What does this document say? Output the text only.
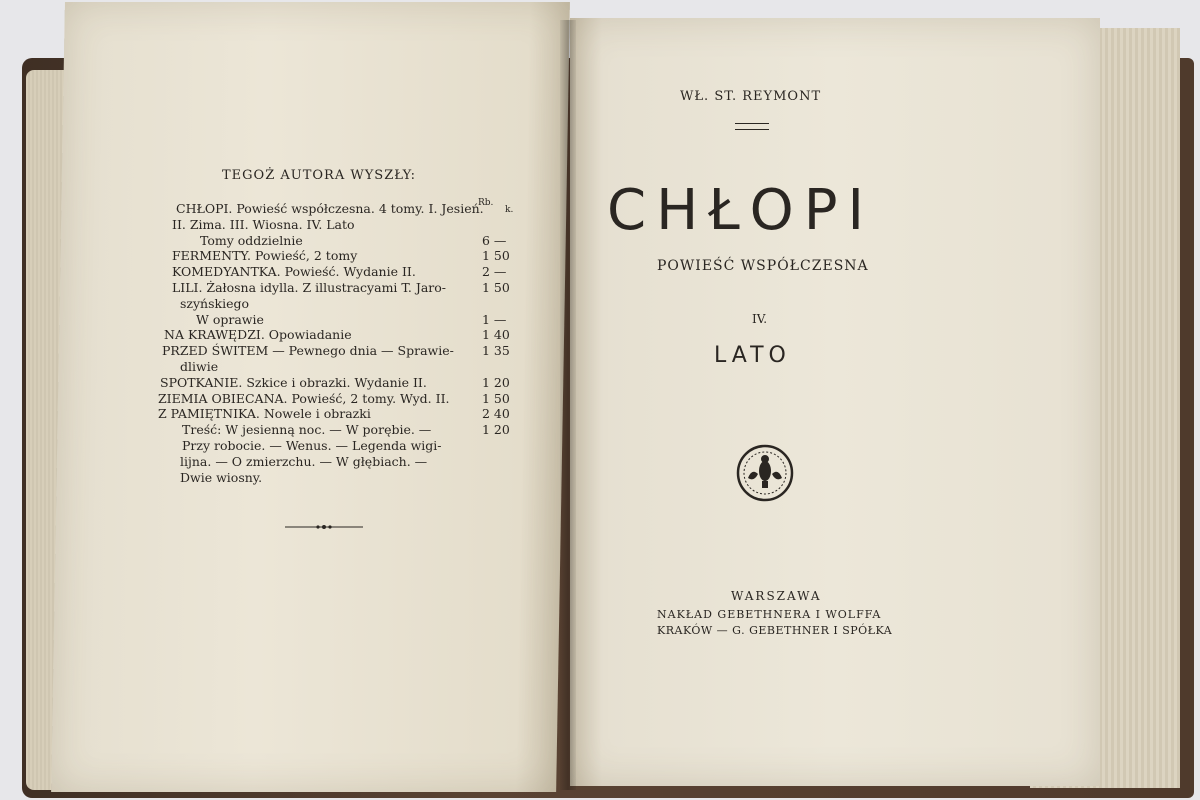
TEGOŻ AUTORA WYSZŁY:
Rb.
k.
CHŁOPI. Powieść współczesna. 4 tomy. I. Jesień.
II. Zima. III. Wiosna. IV. Lato
Tomy oddzielnie	6 —
FERMENTY. Powieść, 2 tomy	1 50
KOMEDYANTKA. Powieść. Wydanie II.	2 —
LILI. Żałosna idylla. Z illustracyami T. Jaro-	1 50
szyńskiego
W oprawie	1 —
NA KRAWĘDZI. Opowiadanie	1 40
PRZED ŚWITEM — Pewnego dnia — Sprawie- 1 35
dliwie
SPOTKANIE. Szkice i obrazki. Wydanie II.	1 20
ZIEMIA OBIECANA. Powieść, 2 tomy. Wyd. II.	1 50
Z PAMIĘTNIKA. Nowele i obrazki	2 40
Treść: W jesienną noc. — W porębie. —	1 20
Przy robocie. — Wenus. — Legenda wigi-
lijna. — O zmierzchu. — W głębiach. —
Dwie wiosny.
WŁ. ST. REYMONT
CHŁOPI
POWIEŚĆ WSPÓŁCZESNA
IV.
LATO
WARSZAWA
NAKŁAD GEBETHNERA I WOLFFA
KRAKÓW — G. GEBETHNER I SPÓŁKA
